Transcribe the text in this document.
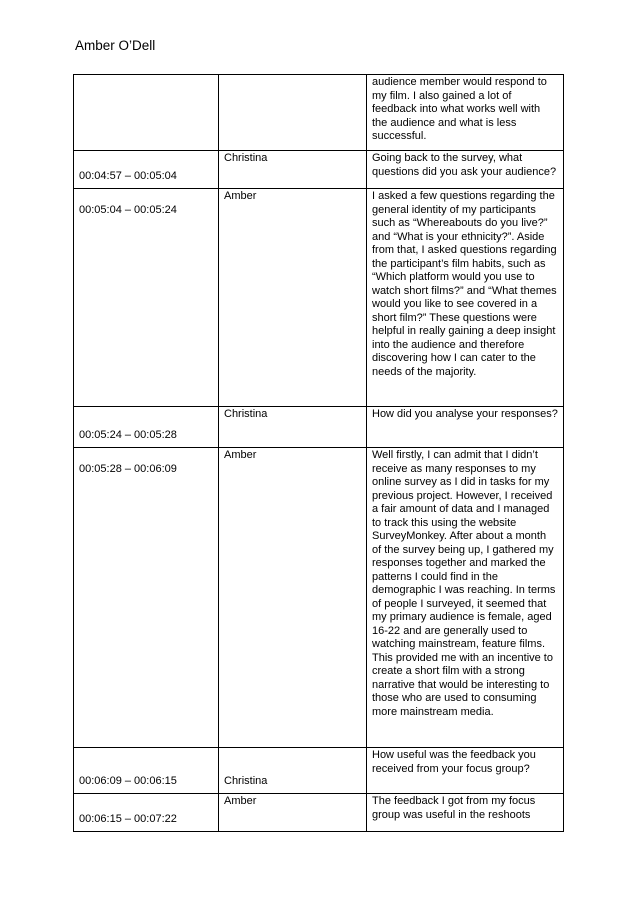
Amber O’Dell
		audience member would respond to my film. I also gained a lot of feedback into what works well with the audience and what is less successful.
00:04:57 – 00:05:04	Christina	Going back to the survey, what questions did you ask your audience?
00:05:04 – 00:05:24	Amber	I asked a few questions regarding the general identity of my participants such as “Whereabouts do you live?” and “What is your ethnicity?”. Aside from that, I asked questions regarding the participant’s film habits, such as “Which platform would you use to watch short films?” and “What themes would you like to see covered in a short film?” These questions were helpful in really gaining a deep insight into the audience and therefore discovering how I can cater to the needs of the majority.
00:05:24 – 00:05:28	Christina	How did you analyse your responses?
00:05:28 – 00:06:09	Amber	Well firstly, I can admit that I didn’t receive as many responses to my online survey as I did in tasks for my previous project. However, I received a fair amount of data and I managed to track this using the website SurveyMonkey. After about a month of the survey being up, I gathered my responses together and marked the patterns I could find in the demographic I was reaching. In terms of people I surveyed, it seemed that my primary audience is female, aged 16-22 and are generally used to watching mainstream, feature films. This provided me with an incentive to create a short film with a strong narrative that would be interesting to those who are used to consuming more mainstream media.
00:06:09 – 00:06:15	Christina	How useful was the feedback you received from your focus group?
00:06:15 – 00:07:22	Amber	The feedback I got from my focus group was useful in the reshoots
